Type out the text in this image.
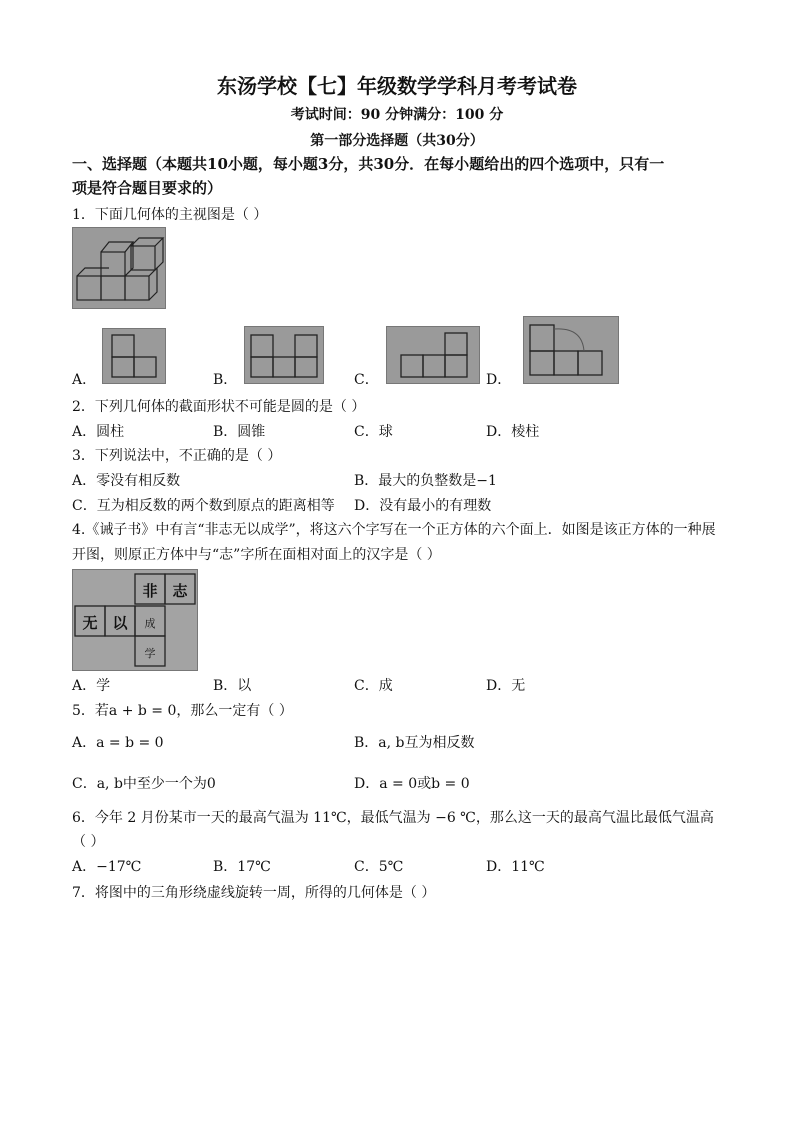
东汤学校【七】年级数学学科月考考试卷
考试时间：90 分钟满分：100 分
第一部分选择题（共30分）
一、选择题（本题共10小题，每小题3分，共30分．在每小题给出的四个选项中，只有一
项是符合题目要求的）
1．下面几何体的主视图是（ ）
A．	B．	C．	D．
2．下列几何体的截面形状不可能是圆的是（ ）
A．圆柱	B．圆锥	C．球	D．棱柱
3．下列说法中，不正确的是（ ）
A．零没有相反数	B．最大的负整数是−1
C．互为相反数的两个数到原点的距离相等 D．没有最小的有理数
4.《诫子书》中有言“非志无以成学”，将这六个字写在一个正方体的六个面上．如图是该正方体的一种展
开图，则原正方体中与“志”字所在面相对面上的汉字是（ ）
非 志
无 以 成
学
A．学	B．以	C．成	D．无
5．若a + b = 0，那么一定有（ ）
A．a = b = 0	B．a, b互为相反数
C．a, b中至少一个为0	D．a = 0或b = 0
6．今年 2 月份某市一天的最高气温为 11℃，最低气温为 −6 ℃，那么这一天的最高气温比最低气温高
（ ）
A．−17℃	B．17℃	C．5℃	D．11℃
7．将图中的三角形绕虚线旋转一周，所得的几何体是（ ）
